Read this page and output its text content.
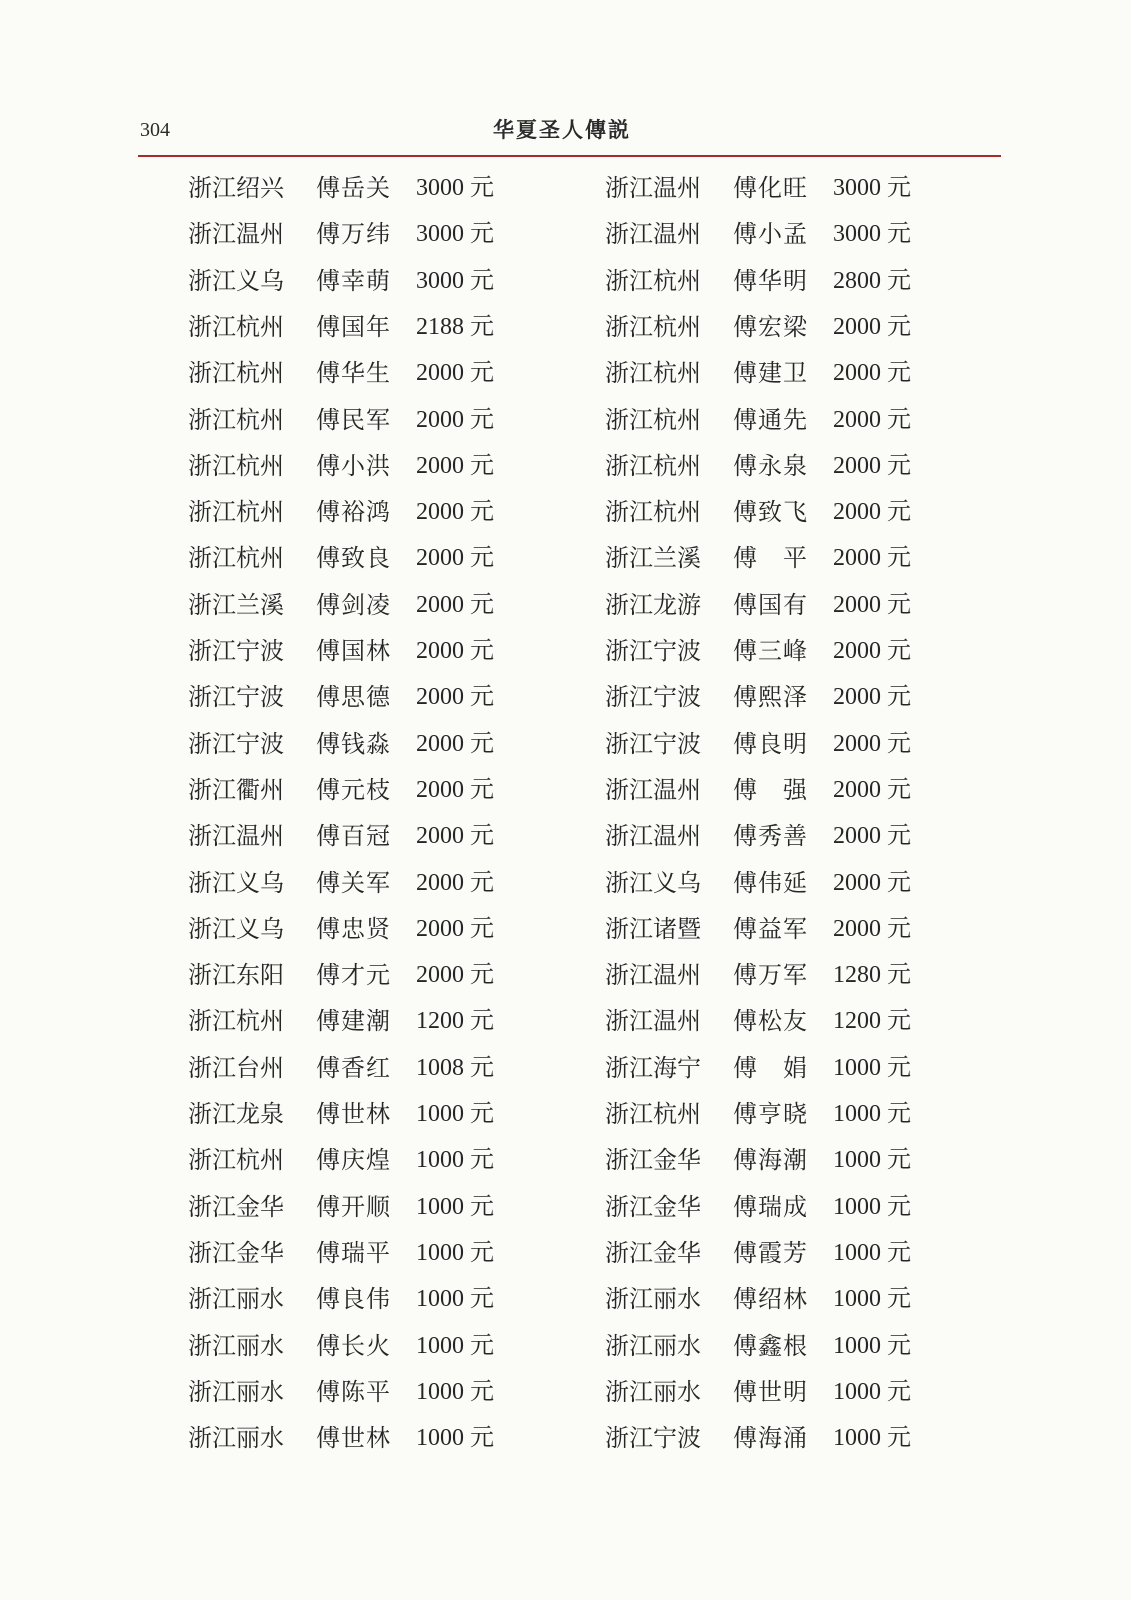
304	华夏圣人傳説
浙江绍兴 傅岳关 3000 元
浙江温州 傅万纬 3000 元
浙江义乌 傅幸萌 3000 元
浙江杭州 傅国年 2188 元
浙江杭州 傅华生 2000 元
浙江杭州 傅民军 2000 元
浙江杭州 傅小洪 2000 元
浙江杭州 傅裕鸿 2000 元
浙江杭州 傅致良 2000 元
浙江兰溪 傅剑凌 2000 元
浙江宁波 傅国林 2000 元
浙江宁波 傅思德 2000 元
浙江宁波 傅钱淼 2000 元
浙江衢州 傅元枝 2000 元
浙江温州 傅百冠 2000 元
浙江义乌 傅关军 2000 元
浙江义乌 傅忠贤 2000 元
浙江东阳 傅才元 2000 元
浙江杭州 傅建潮 1200 元
浙江台州 傅香红 1008 元
浙江龙泉 傅世林 1000 元
浙江杭州 傅庆煌 1000 元
浙江金华 傅开顺 1000 元
浙江金华 傅瑞平 1000 元
浙江丽水 傅良伟 1000 元
浙江丽水 傅长火 1000 元
浙江丽水 傅陈平 1000 元
浙江丽水 傅世林 1000 元
浙江温州 傅化旺 3000 元
浙江温州 傅小孟 3000 元
浙江杭州 傅华明 2800 元
浙江杭州 傅宏梁 2000 元
浙江杭州 傅建卫 2000 元
浙江杭州 傅通先 2000 元
浙江杭州 傅永泉 2000 元
浙江杭州 傅致飞 2000 元
浙江兰溪 傅　平 2000 元
浙江龙游 傅国有 2000 元
浙江宁波 傅三峰 2000 元
浙江宁波 傅熙泽 2000 元
浙江宁波 傅良明 2000 元
浙江温州 傅　强 2000 元
浙江温州 傅秀善 2000 元
浙江义乌 傅伟延 2000 元
浙江诸暨 傅益军 2000 元
浙江温州 傅万军 1280 元
浙江温州 傅松友 1200 元
浙江海宁 傅　娟 1000 元
浙江杭州 傅亨晓 1000 元
浙江金华 傅海潮 1000 元
浙江金华 傅瑞成 1000 元
浙江金华 傅霞芳 1000 元
浙江丽水 傅绍林 1000 元
浙江丽水 傅鑫根 1000 元
浙江丽水 傅世明 1000 元
浙江宁波 傅海涌 1000 元
